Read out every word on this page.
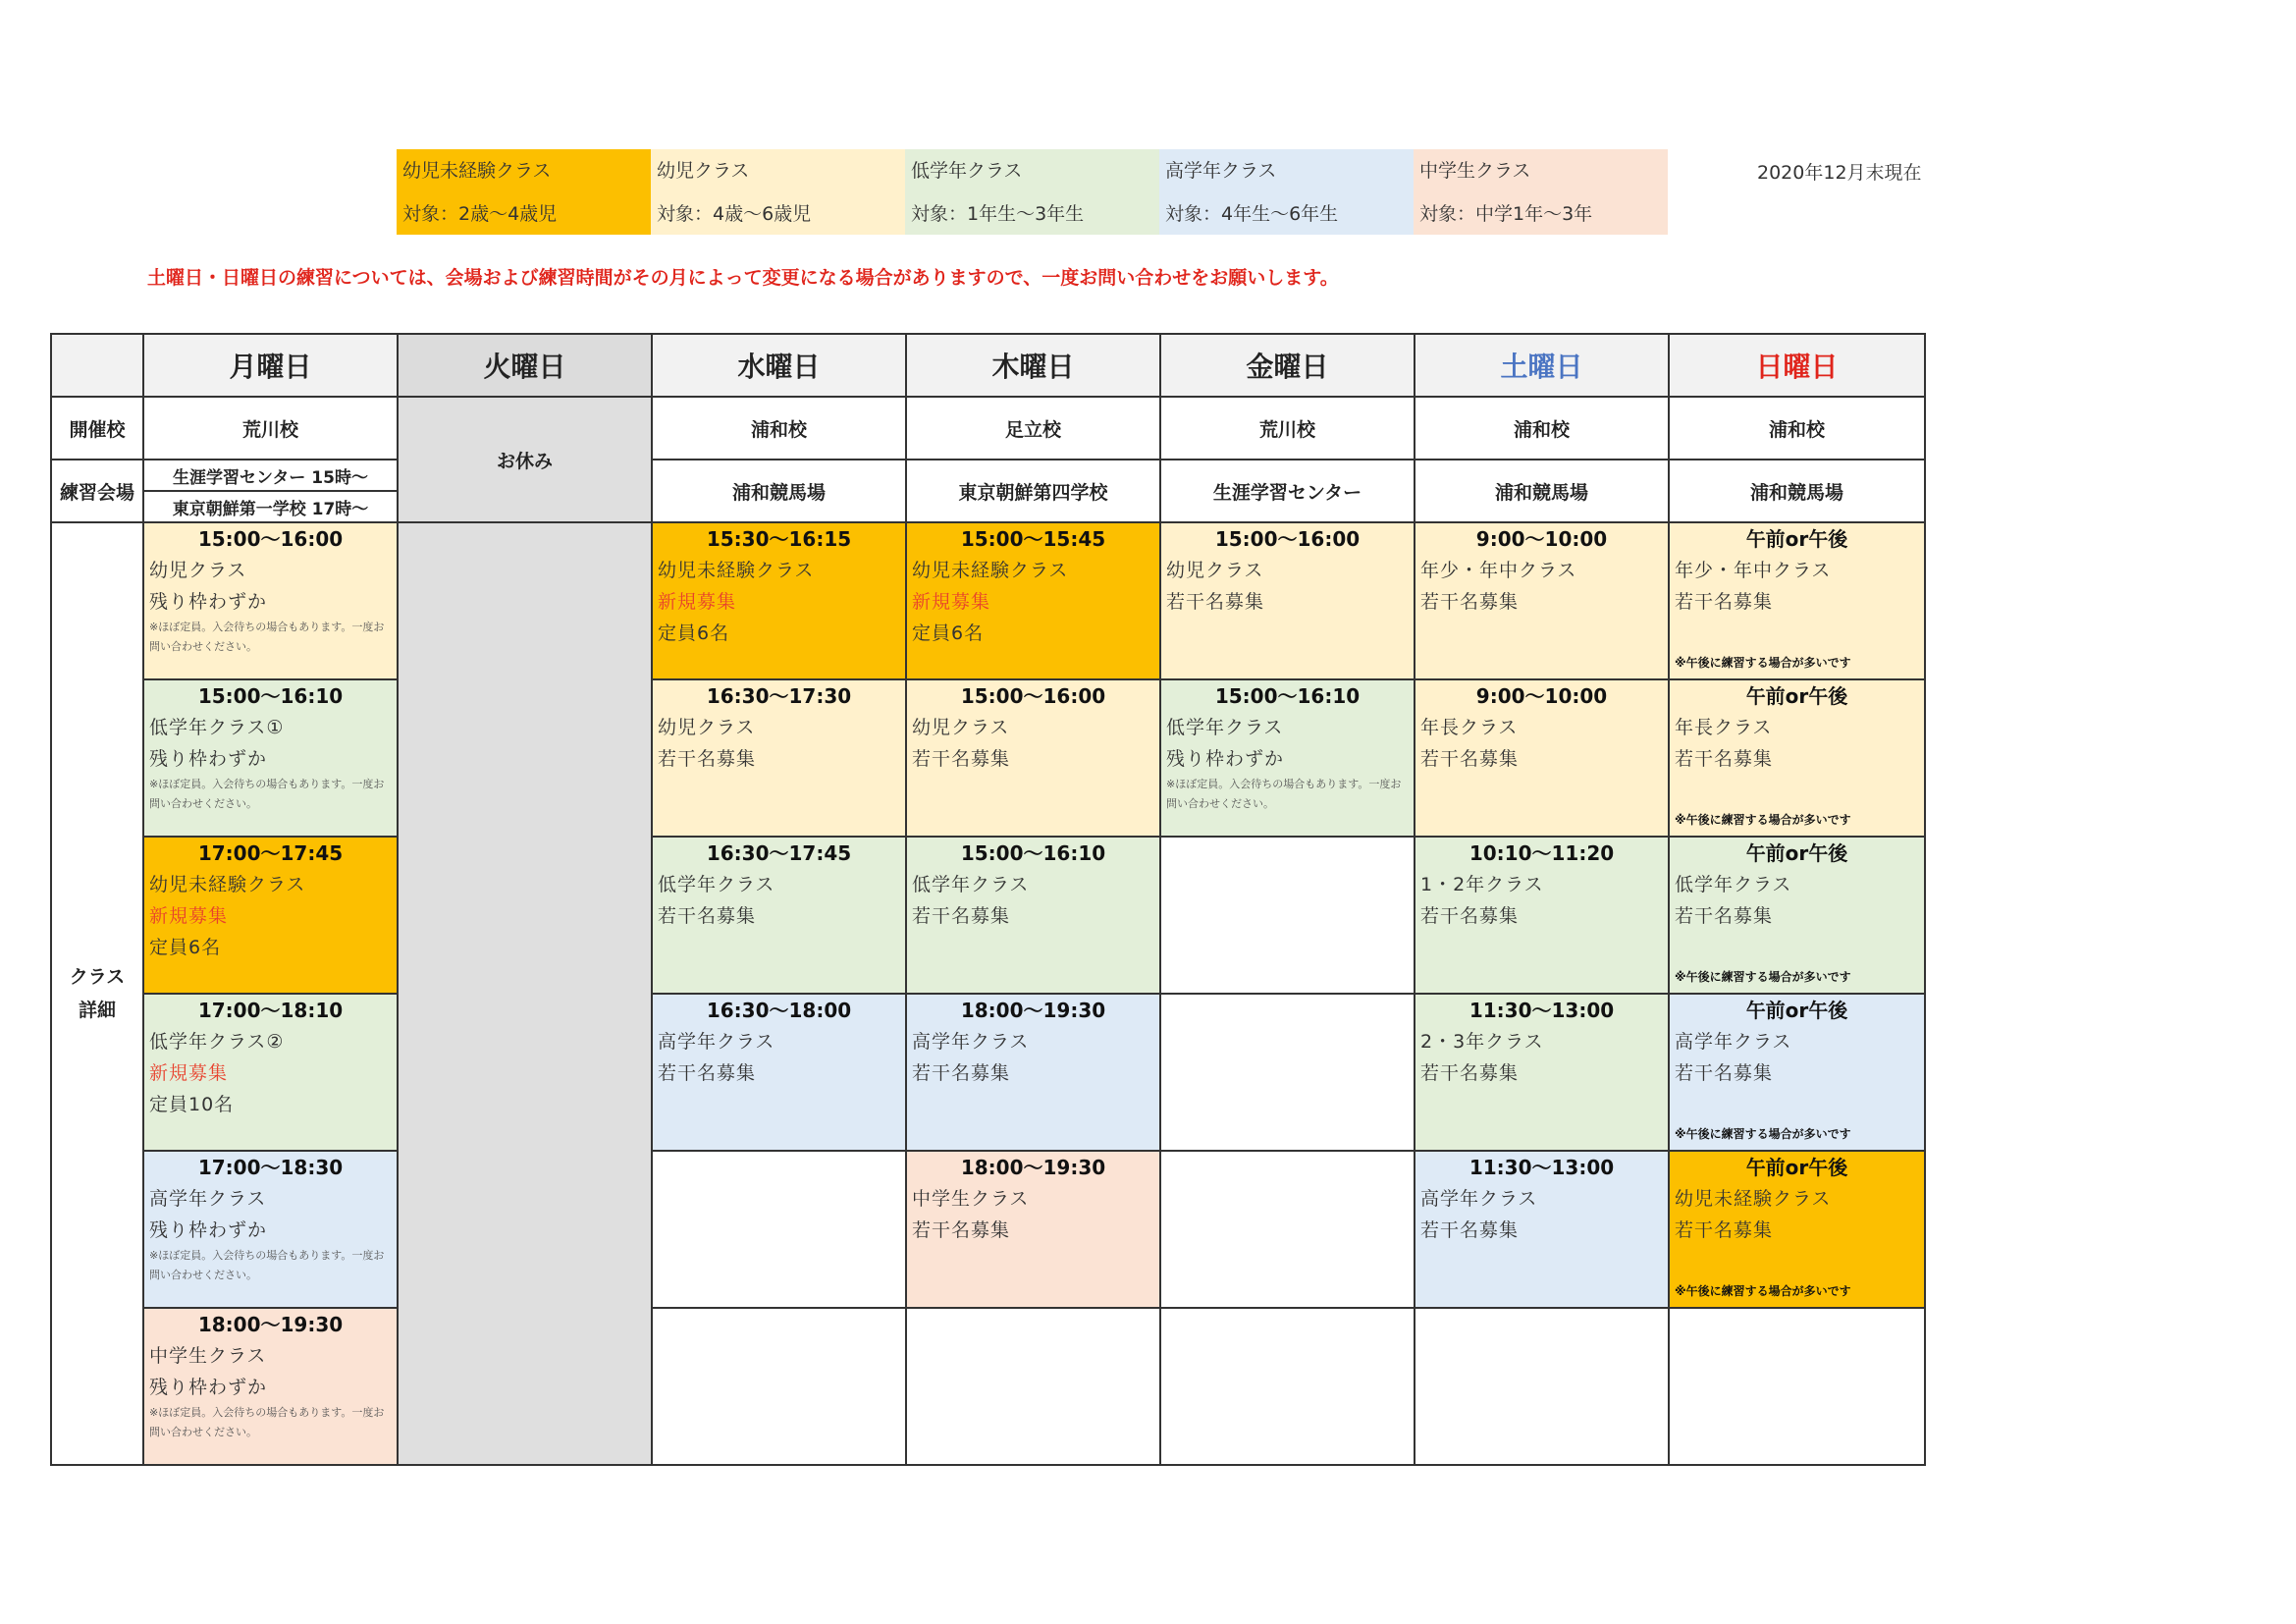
幼児未経験クラス
対象：2歳〜4歳児
幼児クラス
対象：4歳〜6歳児
低学年クラス
対象：1年生〜3年生
高学年クラス
対象：4年生〜6年生
中学生クラス
対象：中学1年〜3年
2020年12月末現在
土曜日・日曜日の練習については、会場および練習時間がその月によって変更になる場合がありますので、一度お問い合わせをお願いします。
	月曜日	火曜日	水曜日	木曜日	金曜日	土曜日	日曜日
開催校	荒川校	お休み	浦和校	足立校	荒川校	浦和校	浦和校
練習会場	生涯学習センター 15時〜
東京朝鮮第一学校 17時〜		浦和競馬場	東京朝鮮第四学校	生涯学習センター	浦和競馬場	浦和競馬場
クラス
詳細	15:00〜16:00
幼児クラス
残り枠わずか
※ほぼ定員。入会待ちの場合もあります。一度お問い合わせください。		15:30〜16:15
幼児未経験クラス
新規募集
定員6名	15:00〜15:45
幼児未経験クラス
新規募集
定員6名	15:00〜16:00
幼児クラス
若干名募集	9:00〜10:00
年少・年中クラス
若干名募集	午前or午後
年少・年中クラス
若干名募集
※午後に練習する場合が多いです

	15:00〜16:10
低学年クラス①
残り枠わずか
※ほぼ定員。入会待ちの場合もあります。一度お問い合わせください。		16:30〜17:30
幼児クラス
若干名募集	15:00〜16:00
幼児クラス
若干名募集	15:00〜16:10
低学年クラス
残り枠わずか
※ほぼ定員。入会待ちの場合もあります。一度お問い合わせください。	9:00〜10:00
年長クラス
若干名募集	午前or午後
年長クラス
若干名募集
※午後に練習する場合が多いです

	17:00〜17:45
幼児未経験クラス
新規募集
定員6名		16:30〜17:45
低学年クラス
若干名募集	15:00〜16:10
低学年クラス
若干名募集		10:10〜11:20
1・2年クラス
若干名募集	午前or午後
低学年クラス
若干名募集
※午後に練習する場合が多いです

	17:00〜18:10
低学年クラス②
新規募集
定員10名		16:30〜18:00
高学年クラス
若干名募集	18:00〜19:30
高学年クラス
若干名募集		11:30〜13:00
2・3年クラス
若干名募集	午前or午後
高学年クラス
若干名募集
※午後に練習する場合が多いです

	17:00〜18:30
高学年クラス
残り枠わずか
※ほぼ定員。入会待ちの場合もあります。一度お問い合わせください。			18:00〜19:30
中学生クラス
若干名募集		11:30〜13:00
高学年クラス
若干名募集	午前or午後
幼児未経験クラス
若干名募集
※午後に練習する場合が多いです

	18:00〜19:30
中学生クラス
残り枠わずか
※ほぼ定員。入会待ちの場合もあります。一度お問い合わせください。						
